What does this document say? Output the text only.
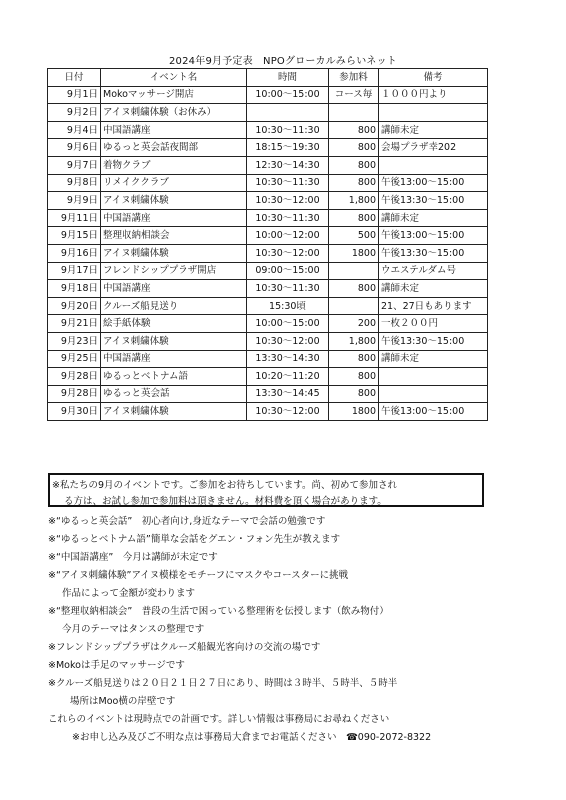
2024年9月予定表　NPOグローカルみらいネット
日付	イベント名	時間	参加料	備考
9月1日	Mokoマッサージ開店	10:00～15:00	コース毎	１０００円より
9月2日	アイヌ刺繍体験（お休み）			
9月4日	中国語講座	10:30～11:30	800	講師未定
9月6日	ゆるっと英会話夜間部	18:15～19:30	800	会場プラザ幸202
9月7日	着物クラブ	12:30～14:30	800	
9月8日	リメイククラブ	10:30～11:30	800	午後13:00～15:00
9月9日	アイヌ刺繍体験	10:30～12:00	1,800	午後13:30～15:00
9月11日	中国語講座	10:30～11:30	800	講師未定
9月15日	整理収納相談会	10:00～12:00	500	午後13:00～15:00
9月16日	アイヌ刺繍体験	10:30～12:00	1800	午後13:30～15:00
9月17日	フレンドシッププラザ開店	09:00～15:00		ウエステルダム号
9月18日	中国語講座	10:30～11:30	800	講師未定
9月20日	クルーズ船見送り	15:30頃		21、27日もあります
9月21日	絵手紙体験	10:00～15:00	200	一枚２００円
9月23日	アイヌ刺繍体験	10:30～12:00	1,800	午後13:30～15:00
9月25日	中国語講座	13:30～14:30	800	講師未定
9月28日	ゆるっとベトナム語	10:20～11:20	800	
9月28日	ゆるっと英会話	13:30～14:45	800	
9月30日	アイヌ刺繍体験	10:30～12:00	1800	午後13:00～15:00
※私たちの9月のイベントです。ご参加をお待ちしています。尚、初めて参加され
る方は、お試し参加で参加料は頂きません。材料費を頂く場合があります。
※“ゆるっと英会話”　初心者向け,身近なテーマで会話の勉強です
※“ゆるっとベトナム語”簡単な会話をグエン・フォン先生が教えます
※“中国語講座”　今月は講師が未定です
※“アイヌ刺繍体験”アイヌ模様をモチーフにマスクやコースターに挑戦
作品によって金額が変わります
※“整理収納相談会”　普段の生活で困っている整理術を伝授します（飲み物付）
今月のテーマはタンスの整理です
※フレンドシッププラザはクルーズ船観光客向けの交流の場です
※Mokoは手足のマッサージです
※クルーズ船見送りは２０日２１日２７日にあり、時間は３時半、５時半、５時半
場所はMoo横の岸壁です
これらのイベントは現時点での計画です。詳しい情報は事務局にお尋ねください
※お申し込み及びご不明な点は事務局大倉までお電話ください　☎090-2072-8322
